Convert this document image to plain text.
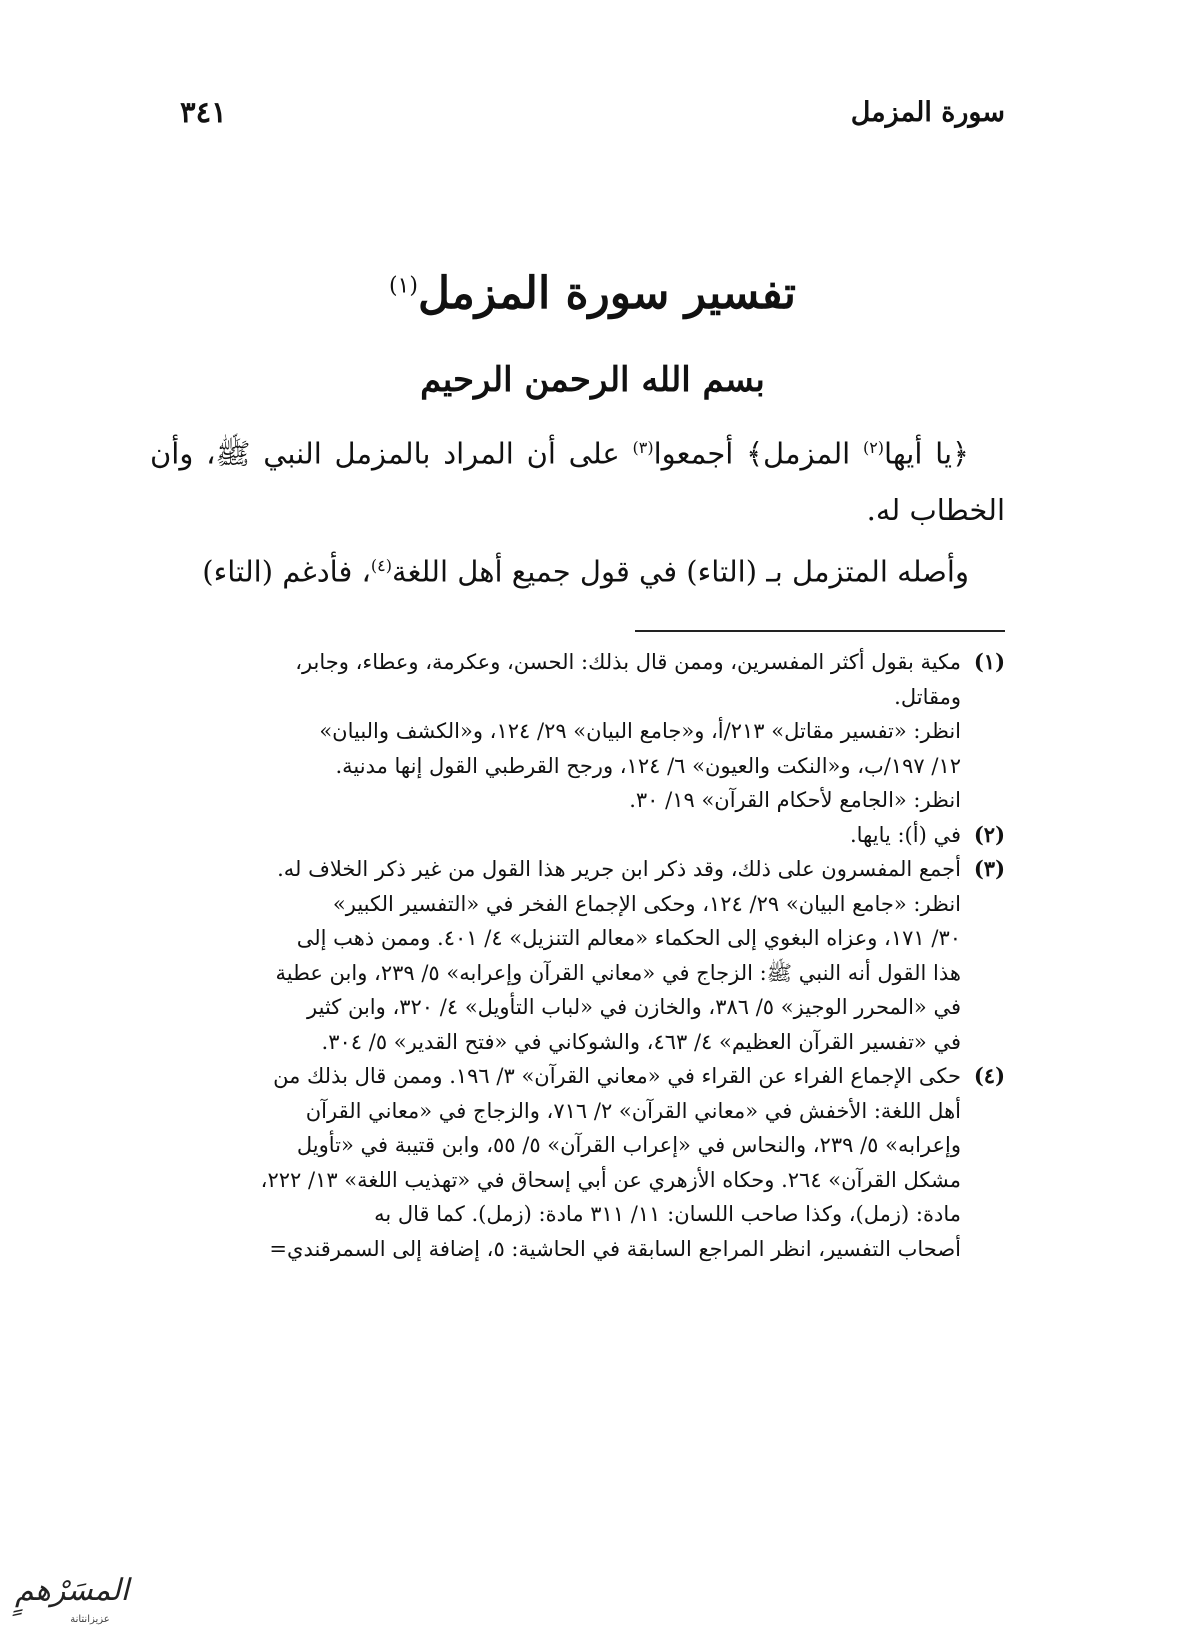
سورة المزمل
٣٤١
تفسير سورة المزمل$^{(١)}$
بسم الله الرحمن الرحيم

﴿يا أيها$^{(٢)}$ المزمل﴾ أجمعوا$^{(٣)}$ على أن المراد بالمزمل النبي ﷺ، وأن الخطاب له.

وأصله المتزمل بـ (التاء) في قول جميع أهل اللغة$^{(٤)}$، فأدغم (التاء)

(١)
مكية بقول أكثر المفسرين، وممن قال بذلك: الحسن، وعكرمة، وعطاء، وجابر،
ومقاتل.
انظر: «تفسير مقاتل» ٢١٣/أ، و«جامع البيان» ٢٩/ ١٢٤، و«الكشف والبيان»
١٢/ ١٩٧/ب، و«النكت والعيون» ٦/ ١٢٤، ورجح القرطبي القول إنها مدنية.
انظر: «الجامع لأحكام القرآن» ١٩/ ٣٠.
(٢)
في (أ): يايها.
(٣)
أجمع المفسرون على ذلك، وقد ذكر ابن جرير هذا القول من غير ذكر الخلاف له.
انظر: «جامع البيان» ٢٩/ ١٢٤، وحكى الإجماع الفخر في «التفسير الكبير»
٣٠/ ١٧١، وعزاه البغوي إلى الحكماء «معالم التنزيل» ٤/ ٤٠١. وممن ذهب إلى
هذا القول أنه النبي ﷺ: الزجاج في «معاني القرآن وإعرابه» ٥/ ٢٣٩، وابن عطية
في «المحرر الوجيز» ٥/ ٣٨٦، والخازن في «لباب التأويل» ٤/ ٣٢٠، وابن كثير
في «تفسير القرآن العظيم» ٤/ ٤٦٣، والشوكاني في «فتح القدير» ٥/ ٣٠٤.
(٤)
حكى الإجماع الفراء عن القراء في «معاني القرآن» ٣/ ١٩٦. وممن قال بذلك من
أهل اللغة: الأخفش في «معاني القرآن» ٢/ ٧١٦، والزجاج في «معاني القرآن
وإعرابه» ٥/ ٢٣٩، والنحاس في «إعراب القرآن» ٥/ ٥٥، وابن قتيبة في «تأويل
مشكل القرآن» ٢٦٤. وحكاه الأزهري عن أبي إسحاق في «تهذيب اللغة» ١٣/ ٢٢٢،
مادة: (زمل)، وكذا صاحب اللسان: ١١/ ٣١١ مادة: (زمل). كما قال به
أصحاب التفسير، انظر المراجع السابقة في الحاشية: ٥، إضافة إلى السمرقندي=
المسَرْهمٍ
عزيزانتانة
